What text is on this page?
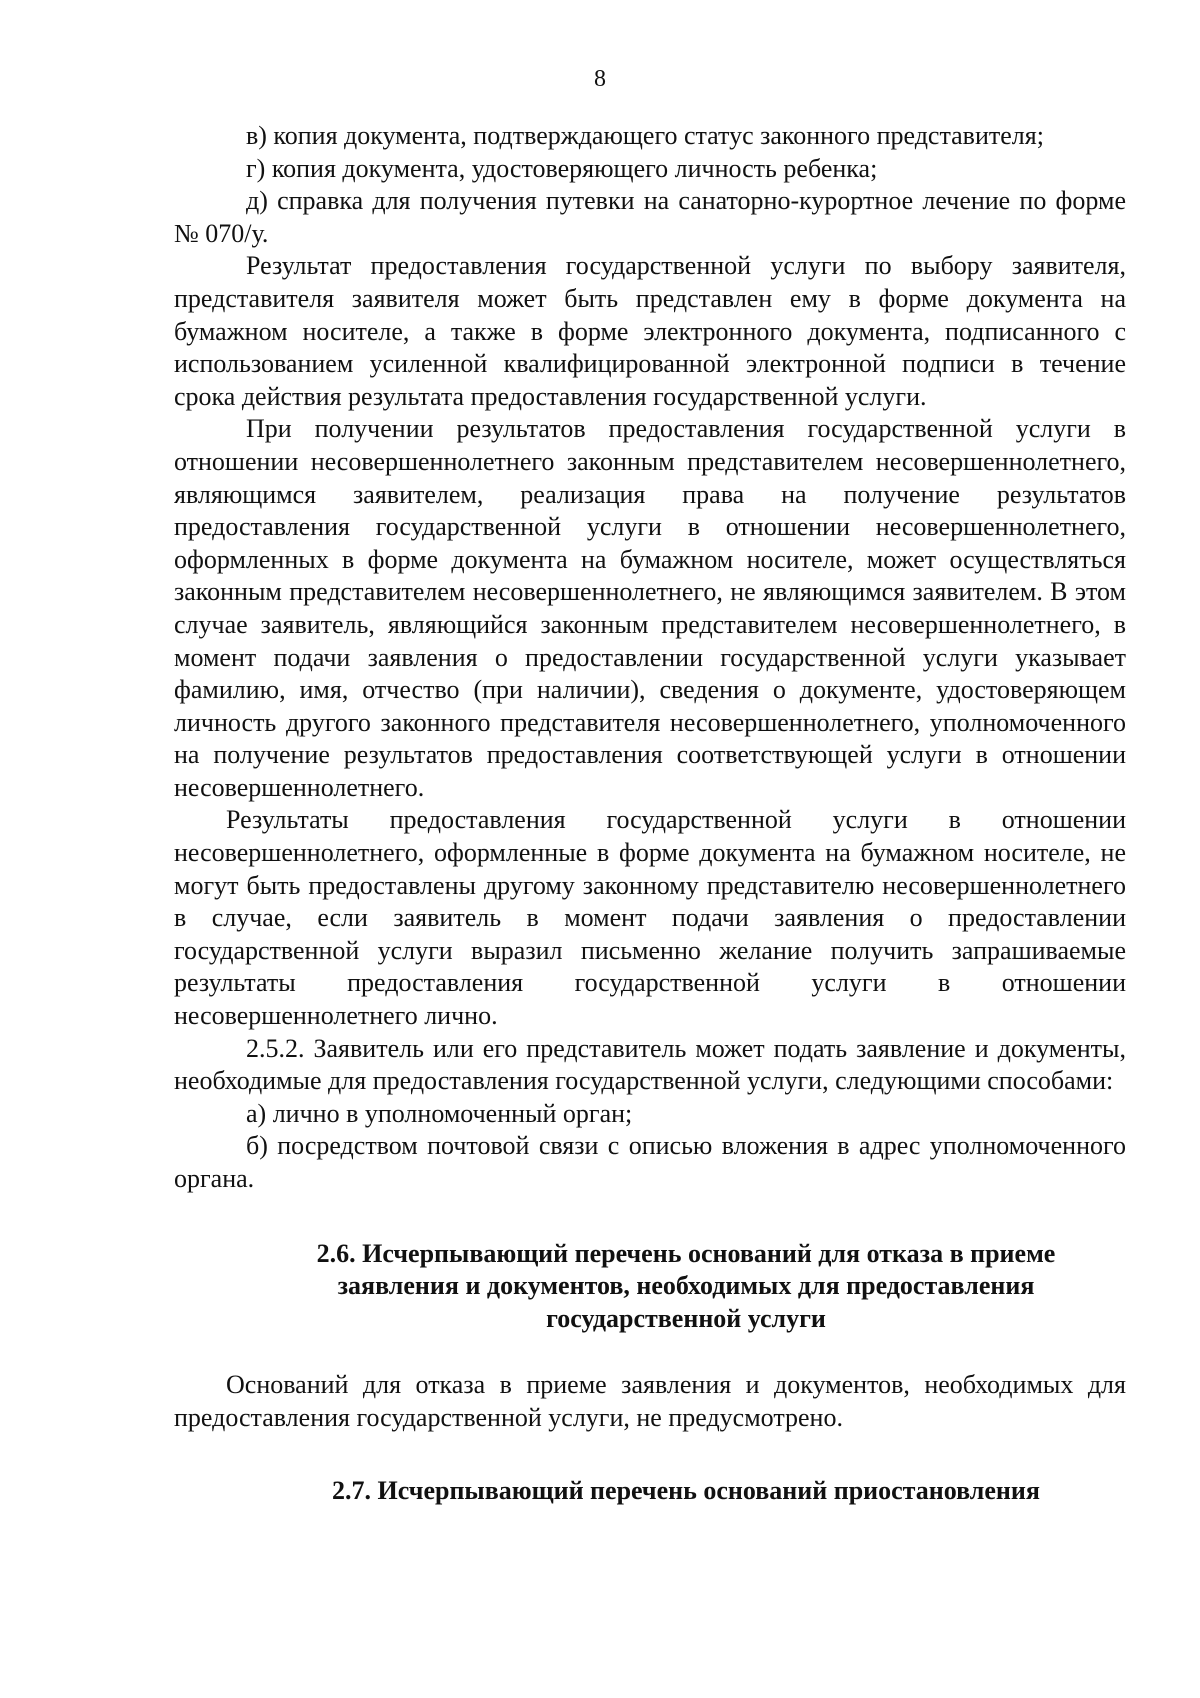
8

в) копия документа, подтверждающего статус законного представителя;

г) копия документа, удостоверяющего личность ребенка;

д) справка для получения путевки на санаторно-курортное лечение по форме № 070/у.

Результат предоставления государственной услуги по выбору заявителя, представителя заявителя может быть представлен ему в форме документа на бумажном носителе, а также в форме электронного документа, подписанного с использованием усиленной квалифицированной электронной подписи в течение срока действия результата предоставления государственной услуги.

При получении результатов предоставления государственной услуги в отношении несовершеннолетнего законным представителем несовершеннолетнего, являющимся заявителем, реализация права на получение результатов предоставления государственной услуги в отношении несовершеннолетнего, оформленных в форме документа на бумажном носителе, может осуществляться законным представителем несовершеннолетнего, не являющимся заявителем. В этом случае заявитель, являющийся законным представителем несовершеннолетнего, в момент подачи заявления о предоставлении государственной услуги указывает фамилию, имя, отчество (при наличии), сведения о документе, удостоверяющем личность другого законного представителя несовершеннолетнего, уполномоченного на получение результатов предоставления соответствующей услуги в отношении несовершеннолетнего.

Результаты предоставления государственной услуги в отношении несовершеннолетнего, оформленные в форме документа на бумажном носителе, не могут быть предоставлены другому законному представителю несовершеннолетнего в случае, если заявитель в момент подачи заявления о предоставлении государственной услуги выразил письменно желание получить запрашиваемые результаты предоставления государственной услуги в отношении несовершеннолетнего лично.

2.5.2. Заявитель или его представитель может подать заявление и документы, необходимые для предоставления государственной услуги, следующими способами:

а) лично в уполномоченный орган;

б) посредством почтовой связи с описью вложения в адрес уполномоченного органа.

2.6. Исчерпывающий перечень оснований для отказа в приеме заявления и документов, необходимых для предоставления государственной услуги

Оснований для отказа в приеме заявления и документов, необходимых для предоставления государственной услуги, не предусмотрено.

2.7. Исчерпывающий перечень оснований приостановления
